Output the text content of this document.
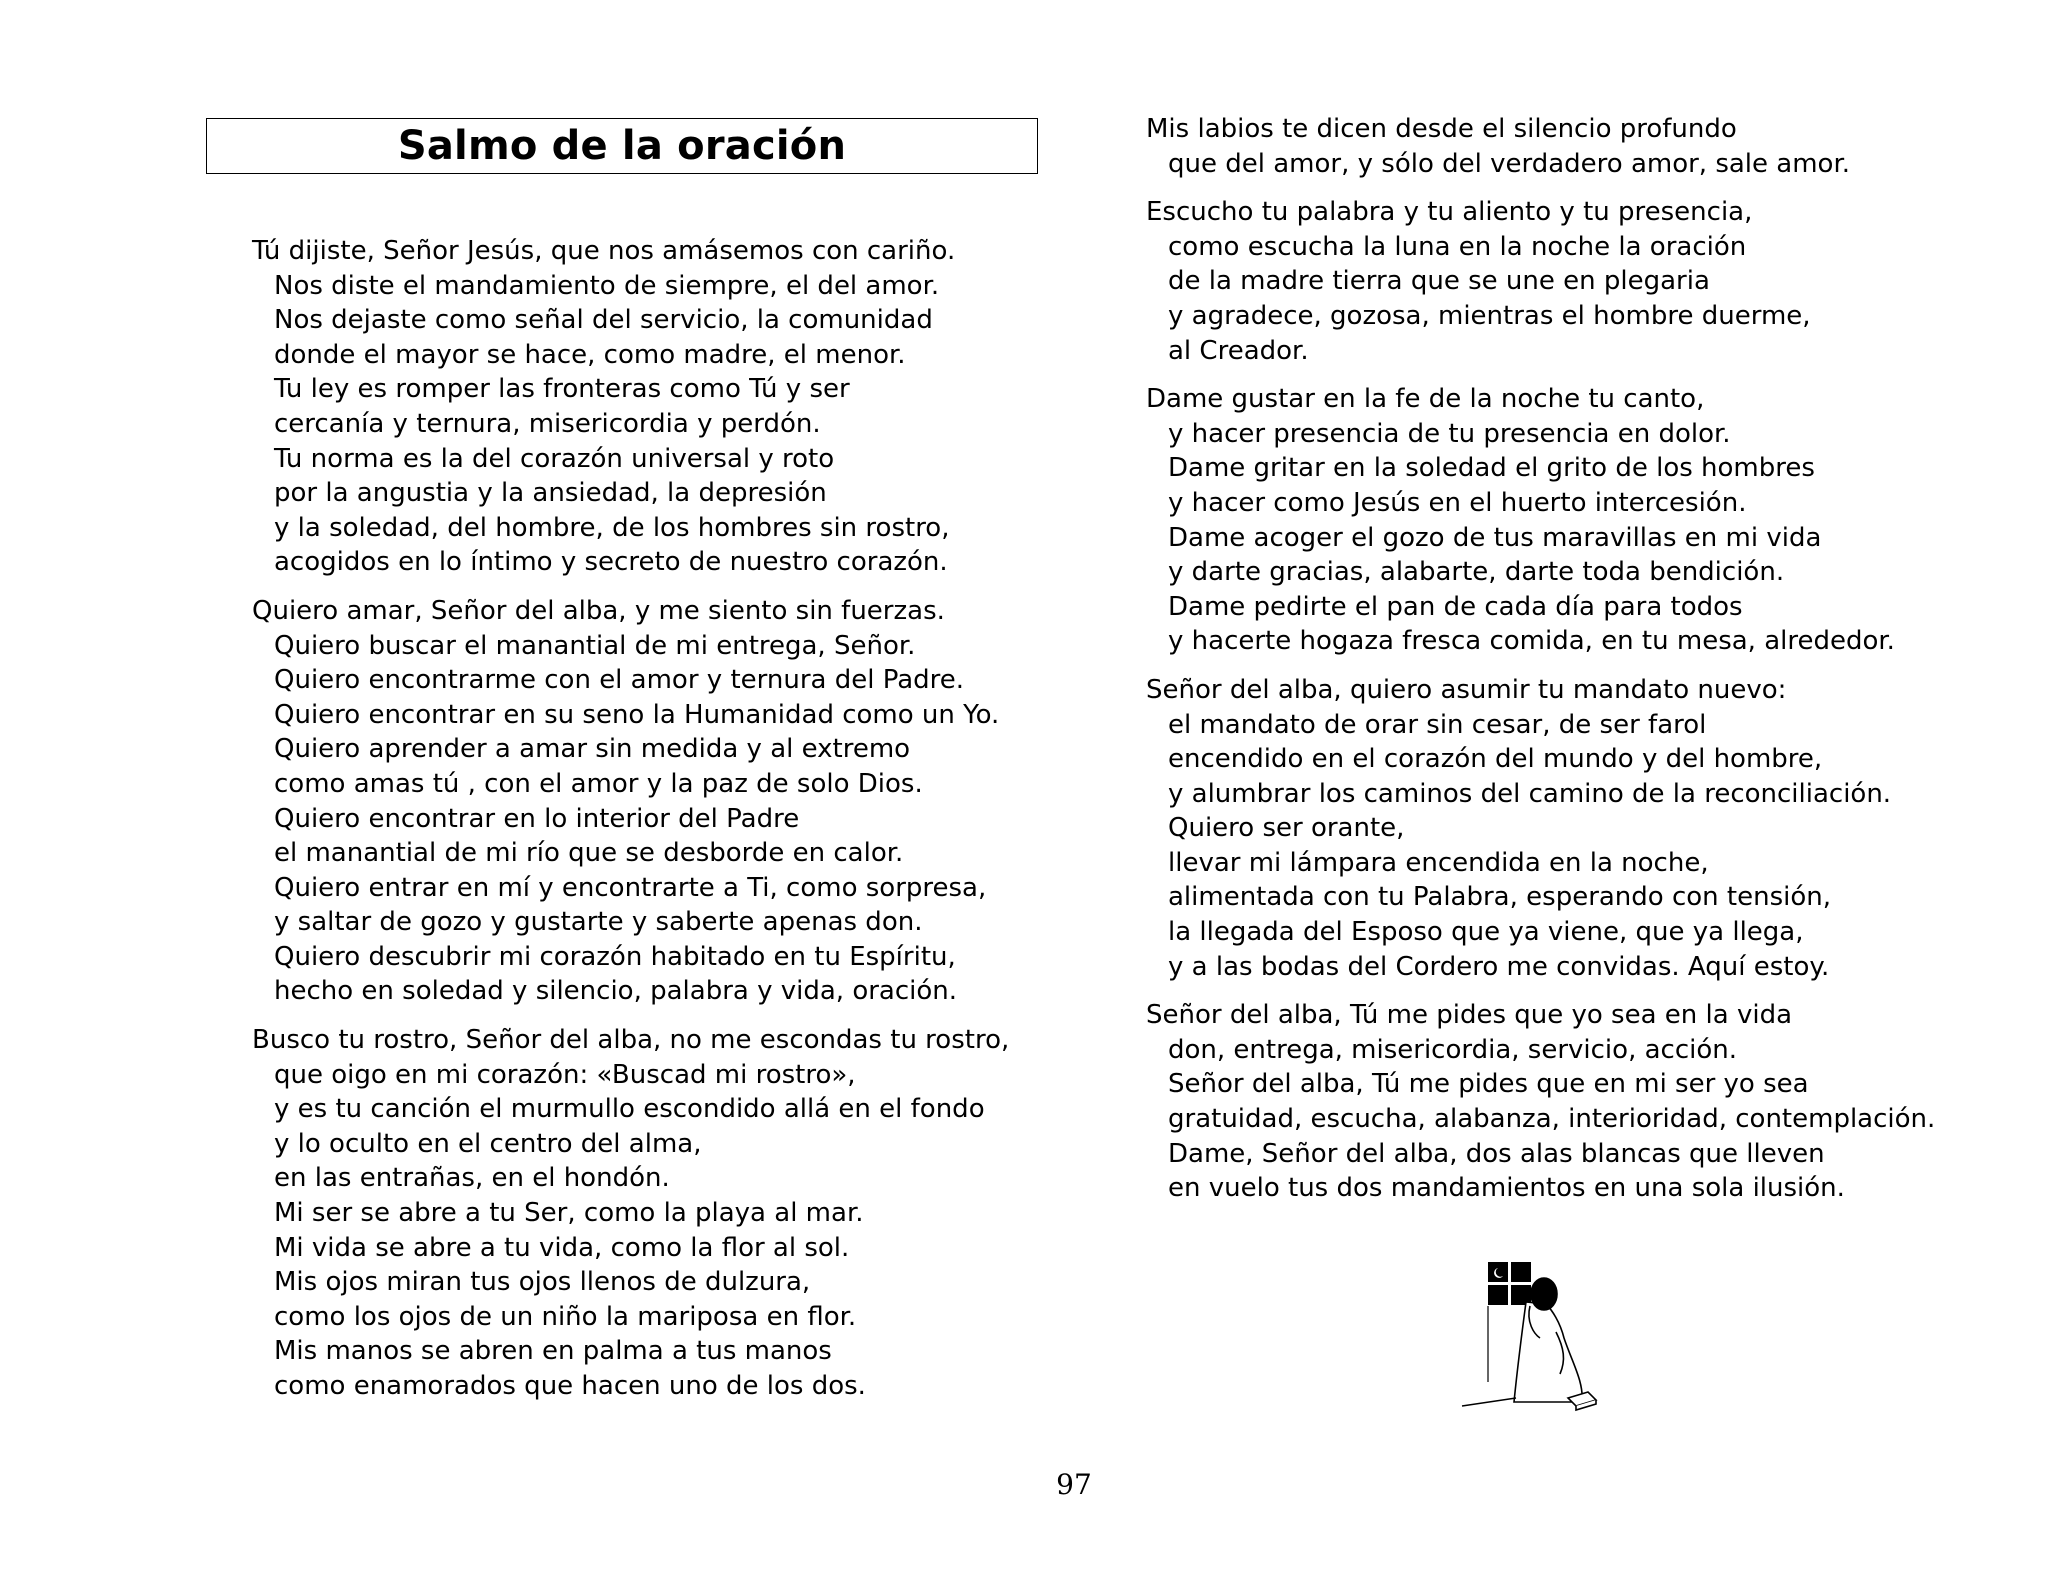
Salmo de la oración
Tú dijiste, Señor Jesús, que nos amásemos con cariño.
Nos diste el mandamiento de siempre, el del amor.
Nos dejaste como señal del servicio, la comunidad
donde el mayor se hace, como madre, el menor.
Tu ley es romper las fronteras como Tú y ser
cercanía y ternura, misericordia y perdón.
Tu norma es la del corazón universal y roto
por la angustia y la ansiedad, la depresión
y la soledad, del hombre, de los hombres sin rostro,
acogidos en lo íntimo y secreto de nuestro corazón.
Quiero amar, Señor del alba, y me siento sin fuerzas.
Quiero buscar el manantial de mi entrega, Señor.
Quiero encontrarme con el amor y ternura del Padre.
Quiero encontrar en su seno la Humanidad como un Yo.
Quiero aprender a amar sin medida y al extremo
como amas tú , con el amor y la paz de solo Dios.
Quiero encontrar en lo interior del Padre
el manantial de mi río que se desborde en calor.
Quiero entrar en mí y encontrarte a Ti, como sorpresa,
y saltar de gozo y gustarte y saberte apenas don.
Quiero descubrir mi corazón habitado en tu Espíritu,
hecho en soledad y silencio, palabra y vida, oración.
Busco tu rostro, Señor del alba, no me escondas tu rostro,
que oigo en mi corazón: «Buscad mi rostro»,
y es tu canción el murmullo escondido allá en el fondo
y lo oculto en el centro del alma,
en las entrañas, en el hondón.
Mi ser se abre a tu Ser, como la playa al mar.
Mi vida se abre a tu vida, como la flor al sol.
Mis ojos miran tus ojos llenos de dulzura,
como los ojos de un niño la mariposa en flor.
Mis manos se abren en palma a tus manos
como enamorados que hacen uno de los dos.
Mis labios te dicen desde el silencio profundo
que del amor, y sólo del verdadero amor, sale amor.
Escucho tu palabra y tu aliento y tu presencia,
como escucha la luna en la noche la oración
de la madre tierra que se une en plegaria
y agradece, gozosa, mientras el hombre duerme,
al Creador.
Dame gustar en la fe de la noche tu canto,
y hacer presencia de tu presencia en dolor.
Dame gritar en la soledad el grito de los hombres
y hacer como Jesús en el huerto intercesión.
Dame acoger el gozo de tus maravillas en mi vida
y darte gracias, alabarte, darte toda bendición.
Dame pedirte el pan de cada día para todos
y hacerte hogaza fresca comida, en tu mesa, alrededor.
Señor del alba, quiero asumir tu mandato nuevo:
el mandato de orar sin cesar, de ser farol
encendido en el corazón del mundo y del hombre,
y alumbrar los caminos del camino de la reconciliación.
Quiero ser orante,
llevar mi lámpara encendida en la noche,
alimentada con tu Palabra, esperando con tensión,
la llegada del Esposo que ya viene, que ya llega,
y a las bodas del Cordero me convidas. Aquí estoy.
Señor del alba, Tú me pides que yo sea en la vida
don, entrega, misericordia, servicio, acción.
Señor del alba, Tú me pides que en mi ser yo sea
gratuidad, escucha, alabanza, interioridad, contemplación.
Dame, Señor del alba, dos alas blancas que lleven
en vuelo tus dos mandamientos en una sola ilusión.
97
